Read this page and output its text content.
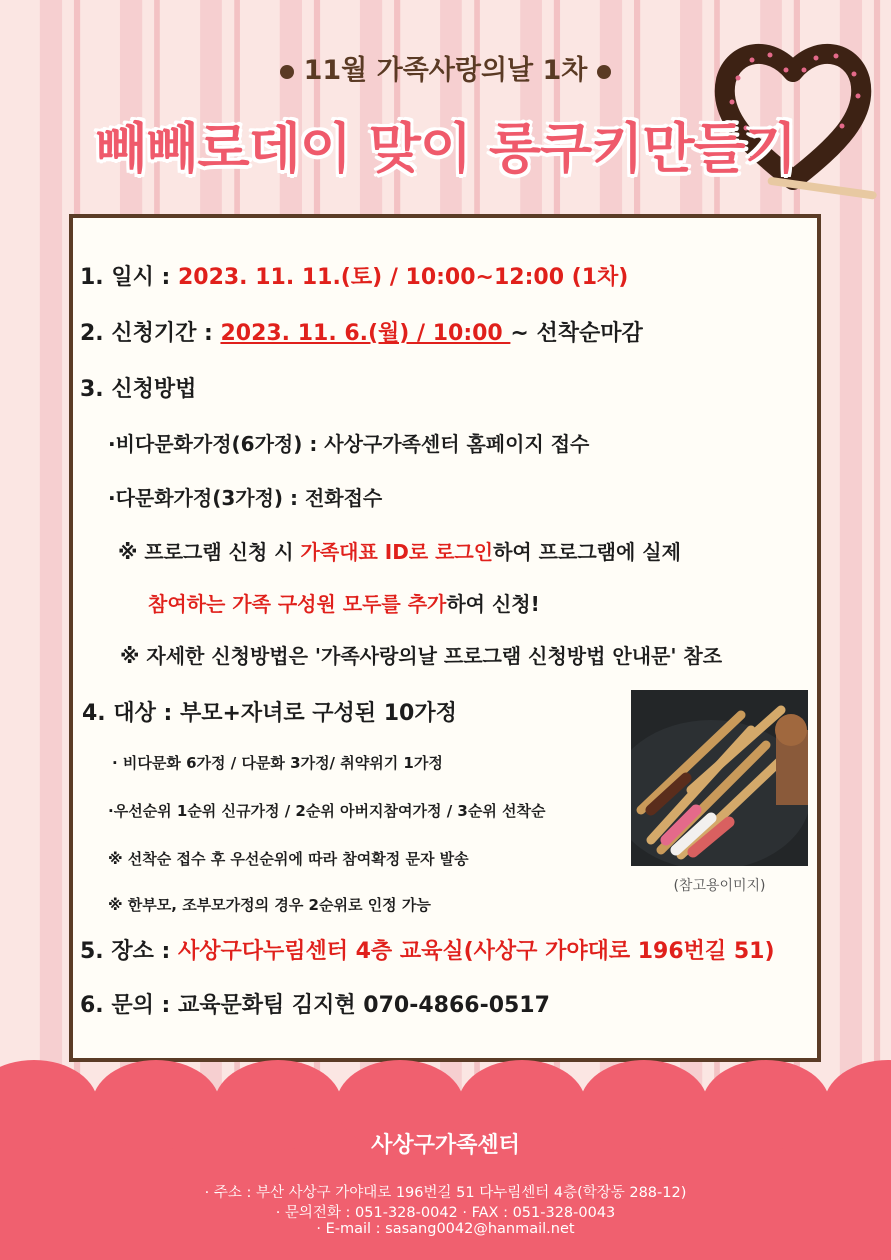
11월 가족사랑의날 1차
빼빼로데이 맞이 롱쿠키만들기
1. 일시 : 2023. 11. 11.(토) / 10:00~12:00 (1차)
2. 신청기간 : 2023. 11. 6.(월) / 10:00 ~ 선착순마감
3. 신청방법
·비다문화가정(6가정) : 사상구가족센터 홈페이지 접수
·다문화가정(3가정) : 전화접수
※ 프로그램 신청 시 가족대표 ID로 로그인하여 프로그램에 실제
참여하는 가족 구성원 모두를 추가하여 신청!
※ 자세한 신청방법은 '가족사랑의날 프로그램 신청방법 안내문' 참조
4. 대상 : 부모+자녀로 구성된 10가정
· 비다문화 6가정 / 다문화 3가정/ 취약위기 1가정
·우선순위 1순위 신규가정 / 2순위 아버지참여가정 / 3순위 선착순
※ 선착순 접수 후 우선순위에 따라 참여확정 문자 발송
※ 한부모, 조부모가정의 경우 2순위로 인정 가능
5. 장소 : 사상구다누림센터 4층 교육실(사상구 가야대로 196번길 51)
6. 문의 : 교육문화팀 김지현 070-4866-0517
(참고용이미지)
사상구가족센터
· 주소 : 부산 사상구 가야대로 196번길 51 다누림센터 4층(학장동 288-12)
· 문의전화 : 051-328-0042 · FAX : 051-328-0043
· E-mail : sasang0042@hanmail.net
